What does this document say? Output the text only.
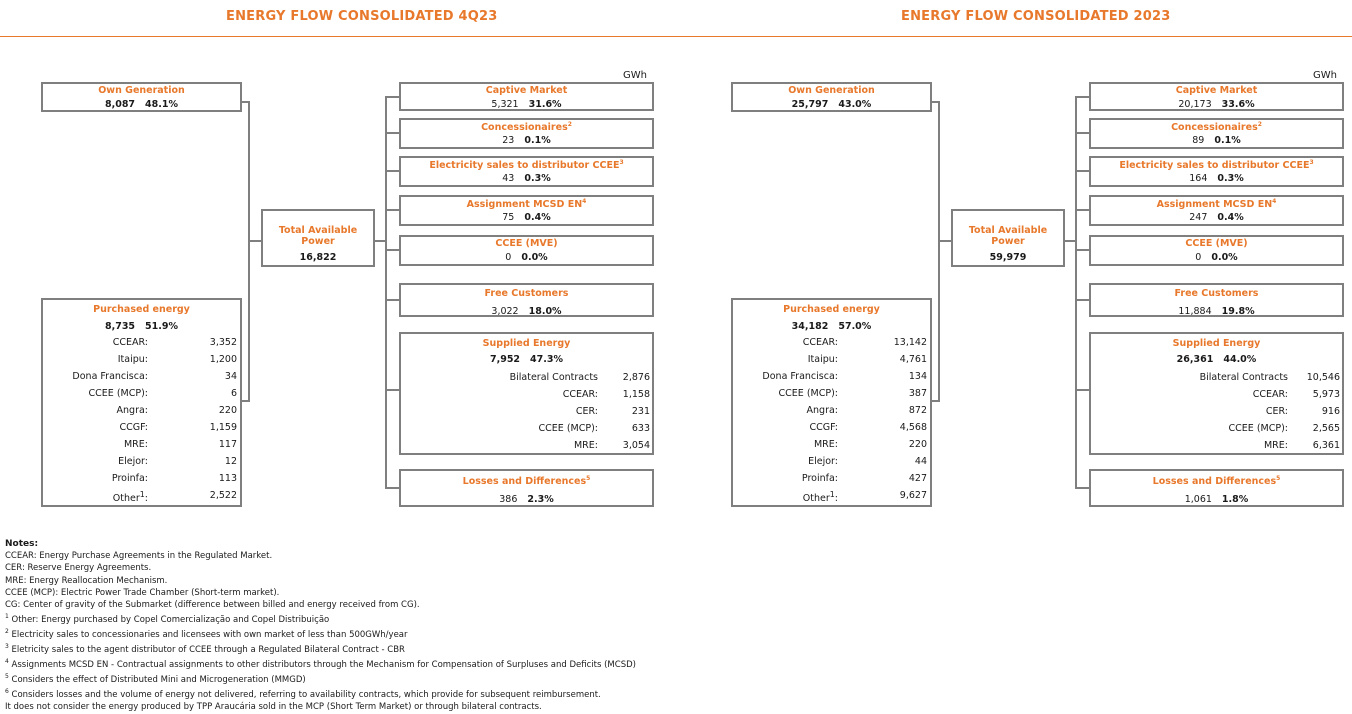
ENERGY FLOW CONSOLIDATED 4Q23
GWh
Own Generation
8,087 48.1%
Purchased energy
8,735 51.9%
CCEAR:	3,352
Itaipu:	1,200
Dona Francisca:	34
CCEE (MCP):	6
Angra:	220
CCGF:	1,159
MRE:	117
Elejor:	12
Proinfa:	113
Other$^1$:	2,522
Total Available Power
16,822
Captive Market
5,321 31.6%
Concessionaires$^2$
23 0.1%
Electricity sales to distributor CCEE$^3$
43 0.3%
Assignment MCSD $EN^4$
75 0.4%
CCEE (MVE)
0 0.0%
Free Customers
3,022 18.0%
Supplied Energy
7,952 47.3%
Bilateral Contracts	2,876
CCEAR:	1,158
CER:	231
CCEE (MCP):	633
MRE:	3,054
Losses and Differences$^5$
386 2.3%
ENERGY FLOW CONSOLIDATED 2023
GWh
Own Generation
25,797 43.0%
Purchased energy
34,182 57.0%
CCEAR:	13,142
Itaipu:	4,761
Dona Francisca:	134
CCEE (MCP):	387
Angra:	872
CCGF:	4,568
MRE:	220
Elejor:	44
Proinfa:	427
Other$^1$:	9,627
Total Available Power
59,979
Captive Market
20,173 33.6%
Concessionaires$^2$
89 0.1%
Electricity sales to distributor CCEE$^3$
164 0.3%
Assignment MCSD $EN^4$
247 0.4%
CCEE (MVE)
0 0.0%
Free Customers
11,884 19.8%
Supplied Energy
26,361 44.0%
Bilateral Contracts 10,546
CCEAR:	5,973
CER:	916
CCEE (MCP):	2,565
MRE:	6,361
Losses and Differences$^5$
1,061 1.8%
Notes:
CCEAR: Energy Purchase Agreements in the Regulated Market.
CER: Reserve Energy Agreements.
MRE: Energy Reallocation Mechanism.
CCEE (MCP): Electric Power Trade Chamber (Short-term market).
CG: Center of gravity of the Submarket (difference between billed and energy received from CG).
$^1$ Other: Energy purchased by Copel Comercialização and Copel Distribuição
$^2$ Electricity sales to concessionaries and licensees with own market of less than 500GWh/year
$^3$ Eletricity sales to the agent distributor of CCEE through a Regulated Bilateral Contract - CBR
$^4$ Assignments MCSD EN - Contractual assignments to other distributors through the Mechanism for Compensation of Surpluses and Deficits (MCSD)
$^5$ Considers the effect of Distributed Mini and Microgeneration (MMGD)
$^6$ Considers losses and the volume of energy not delivered, referring to availability contracts, which provide for subsequent reimbursement.
It does not consider the energy produced by TPP Araucária sold in the MCP (Short Term Market) or through bilateral contracts.
